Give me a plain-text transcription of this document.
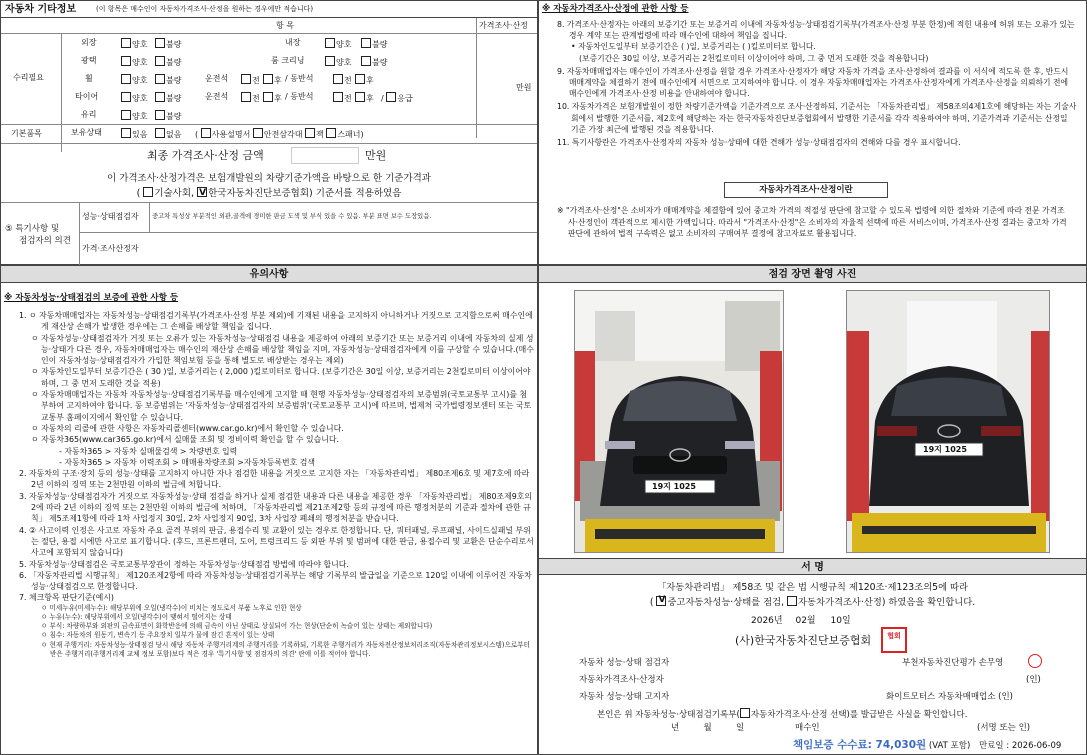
자동차 기타정보	(이 항목은 매수인이 자동차가격조사·산정을 원하는 경우에만 적습니다)
항 목	가격조사·산정
수리필요
만원
외장	양호	불량	내장	양호	불량
광택	양호	불량	룸 크리닝	양호	불량
휠	양호	불량	운전석	전	후 / 동반석	전	후
타이어	양호	불량	운전석	전	후 / 동반석	전	후 / 응급
유리	양호	불량
기본품목	보유상태	있음	없음 ( 사용설명서 안전삼각대 잭 스패너)
최종 가격조사·산정 금액	만원
이 가격조사·산정가격은 보험개발원의 차량기준가액을 바탕으로 한 기준가격과
( 기술사회, V 한국자동차진단보증협회) 기준서를 적용하였음
⑤ 특기사항 및
점검자의 의견
성능·상태점검자 중고차 특성상 부분적인 외관,골격에 경미한 판금 도색 및 부식 있을 수 있음. 부분 표면 보수 도장있음.
가격·조사산정자
※ 자동차가격조사·산정에 관한 사항 등
8. 가격조사·산정자는 아래의 보증기간 또는 보증거리 이내에 자동차성능·상태점검기록부(가격조사·산정 부분 한정)에 적힌 내용에 허위 또는 오류가 있는 경우 계약 또는 관계법령에 따라 매수인에 대하여 책임을 집니다.
• 자동차인도일부터 보증기간은 ( )일, 보증거리는 ( )킬로미터로 합니다.
(보증기간은 30일 이상, 보증거리는 2천킬로미터 이상이어야 하며, 그 중 먼저 도래한 것을 적용합니다)
9. 자동차매매업자는 매수인이 가격조사·산정을 원할 경우 가격조사·산정자가 해당 자동차 가격을 조사·산정하여 결과를 이 서식에 적도록 한 후, 반드시 매매계약을 체결하기 전에 매수인에게 서면으로 고지하여야 합니다. 이 경우 자동차매매업자는 가격조사·산정자에게 가격조사·산정을 의뢰하기 전에 매수인에게 가격조사·산정 비용을 안내하여야 합니다.
10. 자동차가격은 보험개발원이 정한 차량기준가액을 기준가격으로 조사·산정하되, 기준서는 「자동차관리법」 제58조의4제1호에 해당하는 자는 기술사회에서 발행한 기준서를, 제2호에 해당하는 자는 한국자동차진단보증협회에서 발행한 기준서를 각각 적용하여야 하며, 기준가격과 기준서는 산정일 기준 가장 최근에 발행된 것을 적용합니다.
11. 특기사항란은 가격조사·산정자의 자동차 성능·상태에 대한 견해가 성능·상태점검자의 견해와 다를 경우 표시합니다.
자동차가격조사·산정이란
※ "가격조사·산정"은 소비자가 매매계약을 체결함에 있어 중고차 가격의 적절성 판단에 참고할 수 있도록 법령에 의한 절차와 기준에 따라 전문 가격조사·산정인이 객관적으로 제시한 가액입니다. 따라서 "가격조사·산정"은 소비자의 자율적 선택에 따른 서비스이며, 가격조사·산정 결과는 중고차 가격판단에 관하여 법적 구속력은 없고 소비자의 구매여부 결정에 참고자료로 활용됩니다.
유의사항
※ 자동차성능·상태점검의 보증에 관한 사항 등
1. ㅇ 자동차매매업자는 자동차성능·상태점검기록부(가격조사·산정 부분 제외)에 기재된 내용을 고지하지 아니하거나 거짓으로 고지함으로써 매수인에게 재산상 손해가 발생한 경우에는 그 손해를 배상할 책임을 집니다.
ㅇ 자동차성능·상태점검자가 거짓 또는 오류가 있는 자동차성능·상태점검 내용을 제공하여 아래의 보증기간 또는 보증거리 이내에 자동차의 실제 성능·상태가 다른 경우, 자동차매매업자는 매수인의 재산상 손해를 배상할 책임을 지며, 자동차성능·상태점검자에게 이를 구상할 수 있습니다.(매수인이 자동차성능·상태점검자가 가입한 책임보험 등을 통해 별도로 배상받는 경우는 제외)
ㅇ 자동차인도일부터 보증기간은 ( 30 )일, 보증거리는 ( 2,000 )킬로미터로 합니다. (보증기간은 30일 이상, 보증거리는 2천킬로미터 이상이어야 하며, 그 중 먼저 도래한 것을 적용)
ㅇ 자동차매매업자는 자동차 자동차성능·상태점검기록부를 매수인에게 고지할 때 현행 자동차성능·상태점검자의 보증범위(국토교통부 고시)를 첨부하여 고지하여야 합니다. 동 보증범위는 '자동차성능·상태점검자의 보증범위'(국토교통부 고시)에 따르며, 법제처 국가법령정보센터 또는 국토교통부 홈페이지에서 확인할 수 있습니다.
ㅇ 자동차의 리콜에 관한 사항은 자동차리콜센터(www.car.go.kr)에서 확인할 수 있습니다.
ㅇ 자동차365(www.car365.go.kr)에서 실매물 조회 및 정비이력 확인을 할 수 있습니다.
- 자동차365 > 자동차 실매물검색 > 차량번호 입력
- 자동차365 > 자동차 이력조회 > 매매용차량조회 >자동차등록번호 검색
2. 자동차의 구조·장치 등의 성능·상태를 고지하지 아니한 자나 점검한 내용을 거짓으로 고지한 자는 「자동차관리법」 제80조제6호 및 제7호에 따라 2년 이하의 징역 또는 2천만원 이하의 벌금에 처합니다.
3. 자동차성능·상태점검자가 거짓으로 자동차성능·상태 점검을 하거나 실제 점검한 내용과 다른 내용을 제공한 경우 「자동차관리법」 제80조제9호의2에 따라 2년 이하의 징역 또는 2천만원 이하의 벌금에 처하며, 「자동차관리법 제21조제2항 등의 규정에 따른 행정처분의 기준과 절차에 관한 규칙」 제5조제1항에 따라 1차 사업정지 30일, 2차 사업정지 90일, 3차 사업장 폐쇄의 행정처분을 받습니다.
4. ② 사고이력 인정은 사고로 자동차 주요 골격 부위의 판금, 용접수리 및 교환이 있는 경우로 한정합니다. 단, 쿼터패널, 루프패널, 사이드실패널 부위는 절단, 용접 시에만 사고로 표기합니다. (후드, 프론트펜더, 도어, 트렁크리드 등 외판 부위 및 범퍼에 대한 판금, 용접수리 및 교환은 단순수리로서 사고에 포함되지 않습니다)
5. 자동차성능·상태점검은 국토교통부장관이 정하는 자동차성능·상태점검 방법에 따라야 합니다.
6. 「자동차관리법 시행규칙」 제120조제2항에 따라 자동차성능·상태점검기록부는 해당 기록부의 발급일을 기준으로 120일 이내에 이루어진 자동차 성능·상태점검으로 한정합니다.
7. 체크항목 판단기준(예시)
ㅇ 미세누유(미세누수): 해당부위에 오일(냉각수)이 비치는 정도로서 부품 노후로 인한 현상
ㅇ 누유(누수): 해당부위에서 오일(냉각수)이 맺혀서 떨어지는 상태
ㅇ 부식: 차량하부와 외판의 금속표면이 화학반응에 의해 금속이 아닌 상태로 상실되어 가는 현상(단순히 녹슬어 있는 상태는 제외합니다)
ㅇ 침수: 자동차의 원동기, 변속기 등 주요장치 일부가 물에 잠긴 흔적이 있는 상태
ㅇ 현재 주행거리: 자동차성능·상태점검 당시 해당 자동차 주행거리계의 주행거리를 기록하되, 기록한 주행거리가 자동차전산정보처리조직(자동차관리정보시스템)으로부터 받은 주행거리(주행거리계 교체 정보 포함)보다 적은 경우 '특기사항 및 점검자의 의견' 란에 이를 적어야 합니다.
점검 장면 촬영 사진
19지 1025
19지 1025
서 명
「자동차관리법」 제58조 및 같은 법 시행규칙 제120조·제123조의5에 따라
( V중고자동차성능·상태를 점검, 자동차가격조사·산정) 하였음을 확인합니다.
2026년 02월 10일
(사)한국자동차진단보증협회	협회
자동차 성능·상태 점검자	부천자동차진단평가 손무영
자동차가격조사·산정자	(인)
자동차 성능·상태 고지자	화이트모터스 자동차매매업소 (인)
본인은 위 자동차성능·상태점검기록부( 자동차가격조사·산정 선택)를 발급받은 사실을 확인합니다.
년         월         일	매수인	(서명 또는 인)
책임보증 수수료: 74,030원 (VAT 포함) 만료일 : 2026-06-09
